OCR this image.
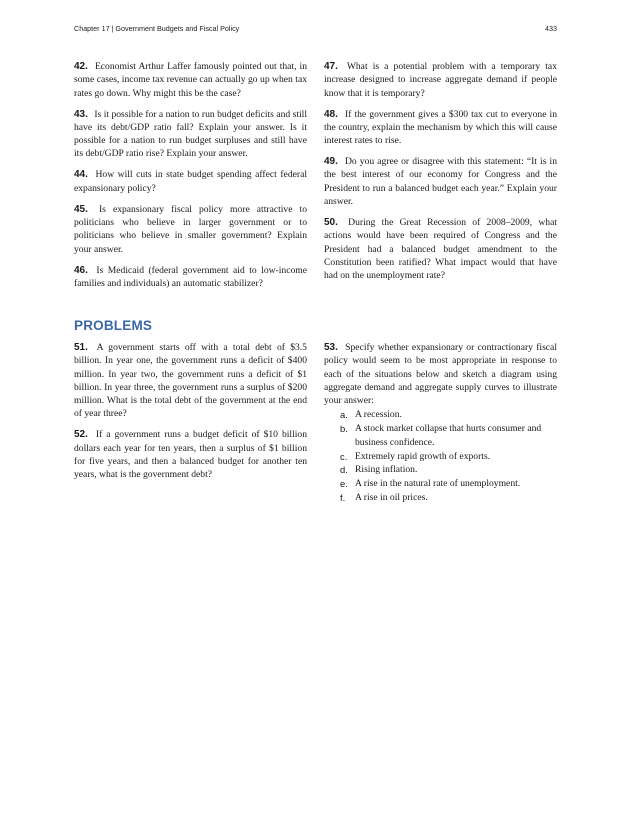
Chapter 17 | Government Budgets and Fiscal Policy	433

42. Economist Arthur Laffer famously pointed out that, in some cases, income tax revenue can actually go up when tax rates go down. Why might this be the case?

43. Is it possible for a nation to run budget deficits and still have its debt/GDP ratio fall? Explain your answer. Is it possible for a nation to run budget surpluses and still have its debt/GDP ratio rise? Explain your answer.

44. How will cuts in state budget spending affect federal expansionary policy?

45. Is expansionary fiscal policy more attractive to politicians who believe in larger government or to politicians who believe in smaller government? Explain your answer.

46. Is Medicaid (federal government aid to low-income families and individuals) an automatic stabilizer?

47. What is a potential problem with a temporary tax increase designed to increase aggregate demand if people know that it is temporary?

48. If the government gives a $300 tax cut to everyone in the country, explain the mechanism by which this will cause interest rates to rise.

49. Do you agree or disagree with this statement: “It is in the best interest of our economy for Congress and the President to run a balanced budget each year.” Explain your answer.

50. During the Great Recession of 2008–2009, what actions would have been required of Congress and the President had a balanced budget amendment to the Constitution been ratified? What impact would that have had on the unemployment rate?

PROBLEMS

51. A government starts off with a total debt of $3.5 billion. In year one, the government runs a deficit of $400 million. In year two, the government runs a deficit of $1 billion. In year three, the government runs a surplus of $200 million. What is the total debt of the government at the end of year three?

52. If a government runs a budget deficit of $10 billion dollars each year for ten years, then a surplus of $1 billion for five years, and then a balanced budget for another ten years, what is the government debt?

53. Specify whether expansionary or contractionary fiscal policy would seem to be most appropriate in response to each of the situations below and sketch a diagram using aggregate demand and aggregate supply curves to illustrate your answer:

a. A recession.
b. A stock market collapse that hurts consumer and business confidence.
c. Extremely rapid growth of exports.
d. Rising inflation.
e. A rise in the natural rate of unemployment.
f. A rise in oil prices.
